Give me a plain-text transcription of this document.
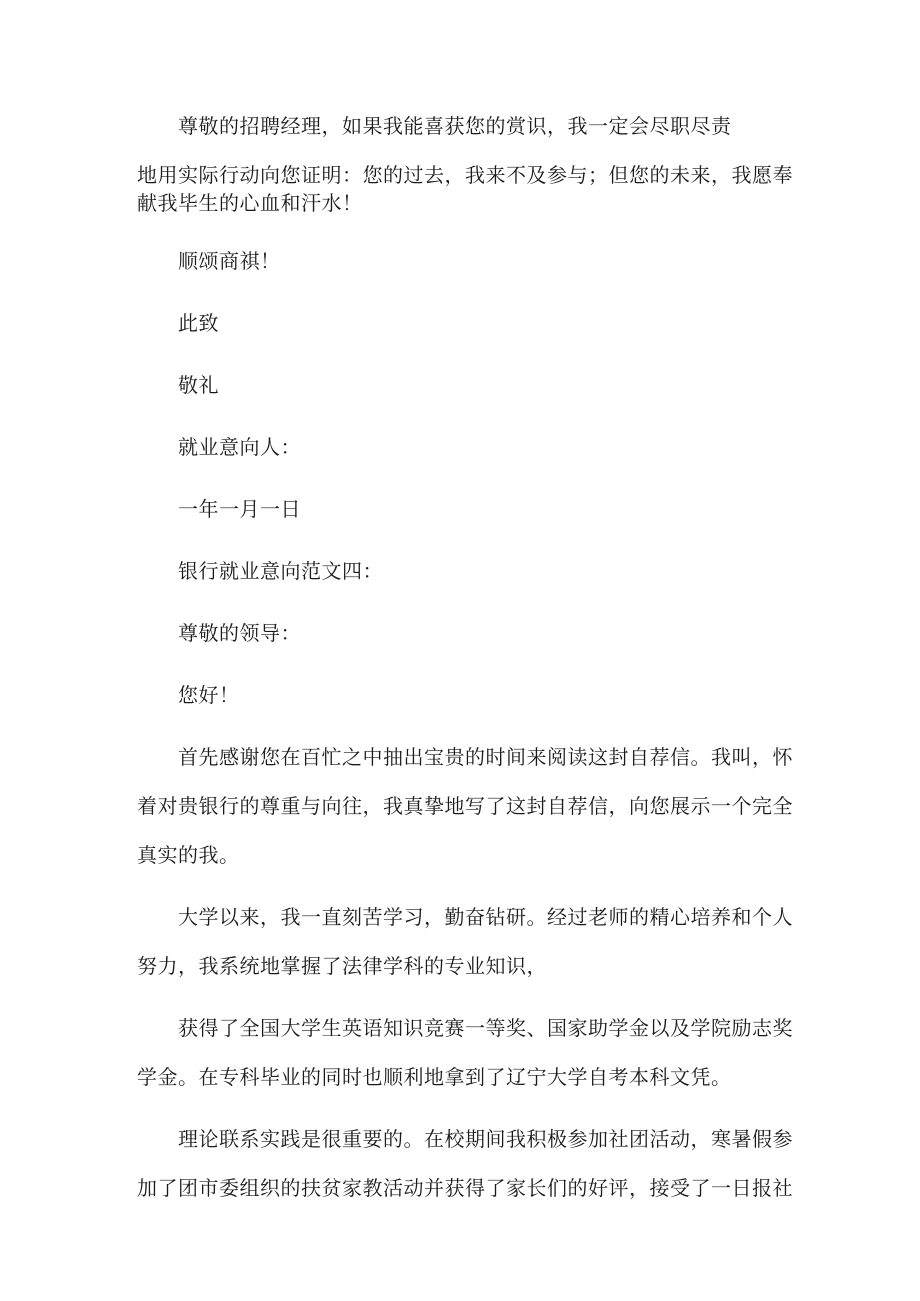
尊敬的招聘经理，如果我能喜获您的赏识，我一定会尽职尽责
地用实际行动向您证明：您的过去，我来不及参与；但您的未来，我愿奉
献我毕生的心血和汗水！
顺颂商祺！
此致
敬礼
就业意向人：
一年一月一日
银行就业意向范文四：
尊敬的领导：
您好！
首先感谢您在百忙之中抽出宝贵的时间来阅读这封自荐信。我叫，怀
着对贵银行的尊重与向往，我真挚地写了这封自荐信，向您展示一个完全
真实的我。
大学以来，我一直刻苦学习，勤奋钻研。经过老师的精心培养和个人
努力，我系统地掌握了法律学科的专业知识，
获得了全国大学生英语知识竞赛一等奖、国家助学金以及学院励志奖
学金。在专科毕业的同时也顺利地拿到了辽宁大学自考本科文凭。
理论联系实践是很重要的。在校期间我积极参加社团活动，寒暑假参
加了团市委组织的扶贫家教活动并获得了家长们的好评，接受了一日报社
